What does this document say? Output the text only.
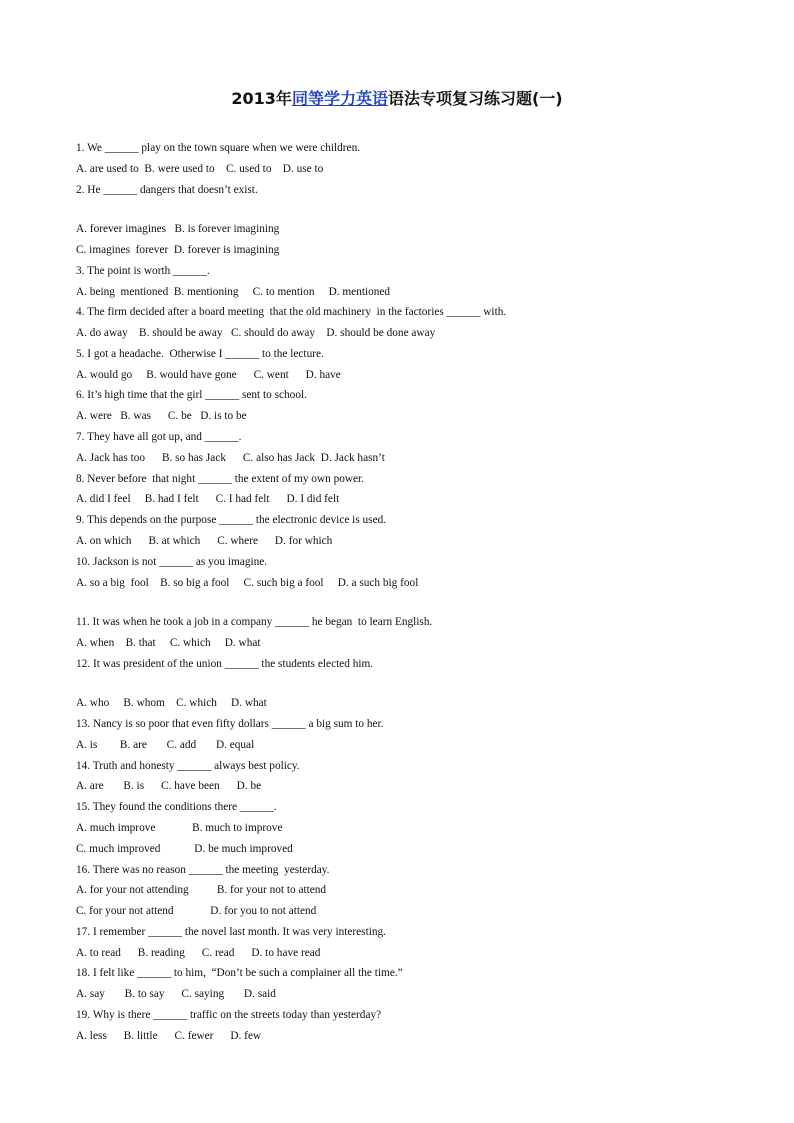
2013年同等学力英语语法专项复习练习题(一)
1. We ______ play on the town square when we were children.
A. are used to  B. were used to    C. used to    D. use to
2. He ______ dangers that doesn’t exist.
A. forever imagines   B. is forever imagining
C. imagines  forever  D. forever is imagining
3. The point is worth ______.
A. being  mentioned  B. mentioning     C. to mention     D. mentioned
4. The firm decided after a board meeting  that the old machinery  in the factories ______ with.
A. do away    B. should be away   C. should do away    D. should be done away
5. I got a headache.  Otherwise I ______ to the lecture.
A. would go     B. would have gone      C. went      D. have
6. It’s high time that the girl ______ sent to school.
A. were   B. was      C. be   D. is to be
7. They have all got up, and ______.
A. Jack has too      B. so has Jack      C. also has Jack  D. Jack hasn’t
8. Never before  that night ______ the extent of my own power.
A. did I feel     B. had I felt      C. I had felt      D. I did felt
9. This depends on the purpose ______ the electronic device is used.
A. on which      B. at which      C. where      D. for which
10. Jackson is not ______ as you imagine.
A. so a big  fool    B. so big a fool     C. such big a fool     D. a such big fool
11. It was when he took a job in a company ______ he began  to learn English.
A. when    B. that     C. which     D. what
12. It was president of the union ______ the students elected him.
A. who     B. whom    C. which     D. what
13. Nancy is so poor that even fifty dollars ______ a big sum to her.
A. is        B. are       C. add       D. equal
14. Truth and honesty ______ always best policy.
A. are       B. is      C. have been      D. be
15. They found the conditions there ______.
A. much improve             B. much to improve
C. much improved            D. be much improved
16. There was no reason ______ the meeting  yesterday.
A. for your not attending          B. for your not to attend
C. for your not attend             D. for you to not attend
17. I remember ______ the novel last month. It was very interesting.
A. to read      B. reading      C. read      D. to have read
18. I felt like ______ to him,  “Don’t be such a complainer all the time.”
A. say       B. to say      C. saying       D. said
19. Why is there ______ traffic on the streets today than yesterday?
A. less      B. little      C. fewer      D. few
